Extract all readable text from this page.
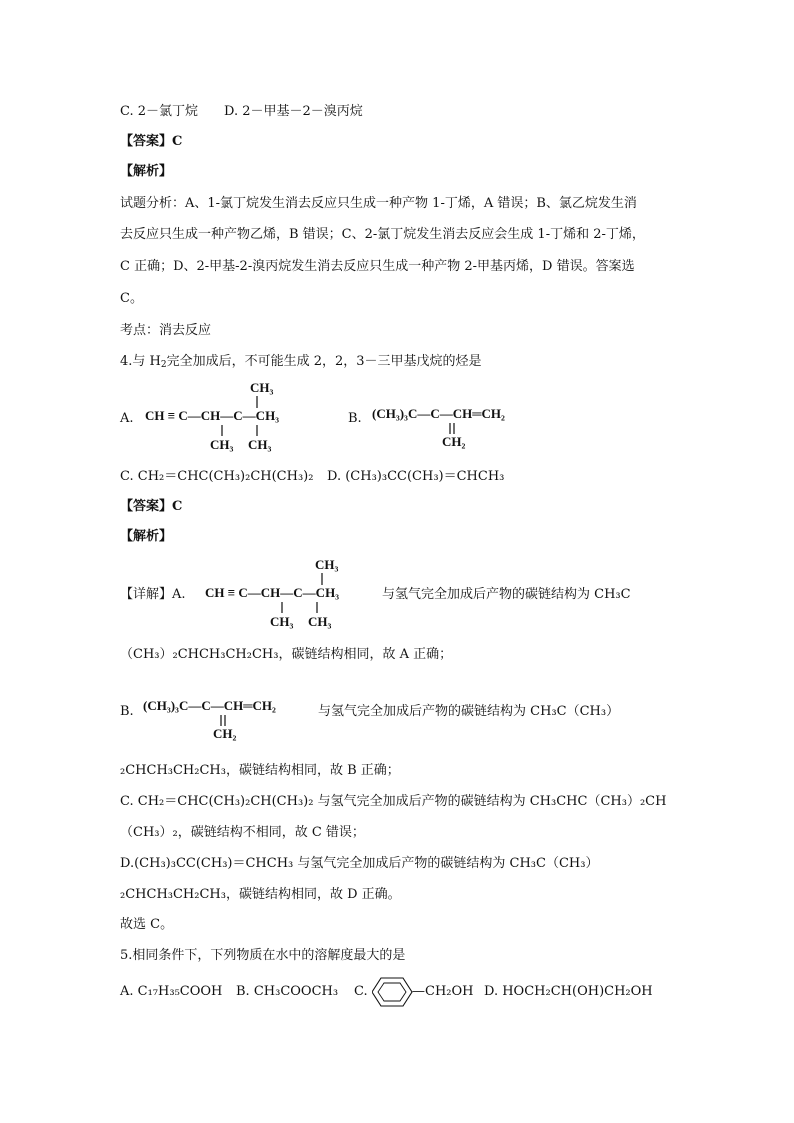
C. 2－氯丁烷　　D. 2－甲基－2－溴丙烷
【答案】C
【解析】
试题分析：A、1-氯丁烷发生消去反应只生成一种产物 1-丁烯，A 错误；B、氯乙烷发生消
去反应只生成一种产物乙烯，B 错误；C、2-氯丁烷发生消去反应会生成 1-丁烯和 2-丁烯，
C 正确；D、2-甲基-2-溴丙烷发生消去反应只生成一种产物 2-甲基丙烯，D 错误。答案选
C。
考点：消去反应
4.与 $H_2$完全加成后，不可能生成 2，2，3－三甲基戊烷的烃是
A.
CH₃
CH ≡ C—CH—C—CH₃
CH₃ CH₃
B. (CH₃)₃C—C—CH═CH₂
CH₂
C. CH₂＝CHC(CH₃)₂CH(CH₃)₂ D. (CH₃)₃CC(CH₃)＝CHCH₃
【答案】C
【解析】
【详解】A.
CH₃
CH ≡ C—CH—C—CH₃
CH₃ CH₃
与氢气完全加成后产物的碳链结构为 CH₃C
（CH₃）₂CHCH₃CH₂CH₃，碳链结构相同，故 A 正确；
B. (CH₃)₃C—C—CH═CH₂
CH₂
与氢气完全加成后产物的碳链结构为 CH₃C（CH₃）
₂CHCH₃CH₂CH₃，碳链结构相同，故 B 正确；
C. CH₂＝CHC(CH₃)₂CH(CH₃)₂ 与氢气完全加成后产物的碳链结构为 CH₃CHC（CH₃）₂CH
（CH₃）₂，碳链结构不相同，故 C 错误；
D.(CH₃)₃CC(CH₃)＝CHCH₃ 与氢气完全加成后产物的碳链结构为 CH₃C（CH₃）
₂CHCH₃CH₂CH₃，碳链结构相同，故 D 正确。
故选 C。
5.相同条件下，下列物质在水中的溶解度最大的是
A. C₁₇H₃₅COOH B. CH₃COOCH₃ C.	—CH₂OH D. HOCH₂CH(OH)CH₂OH
